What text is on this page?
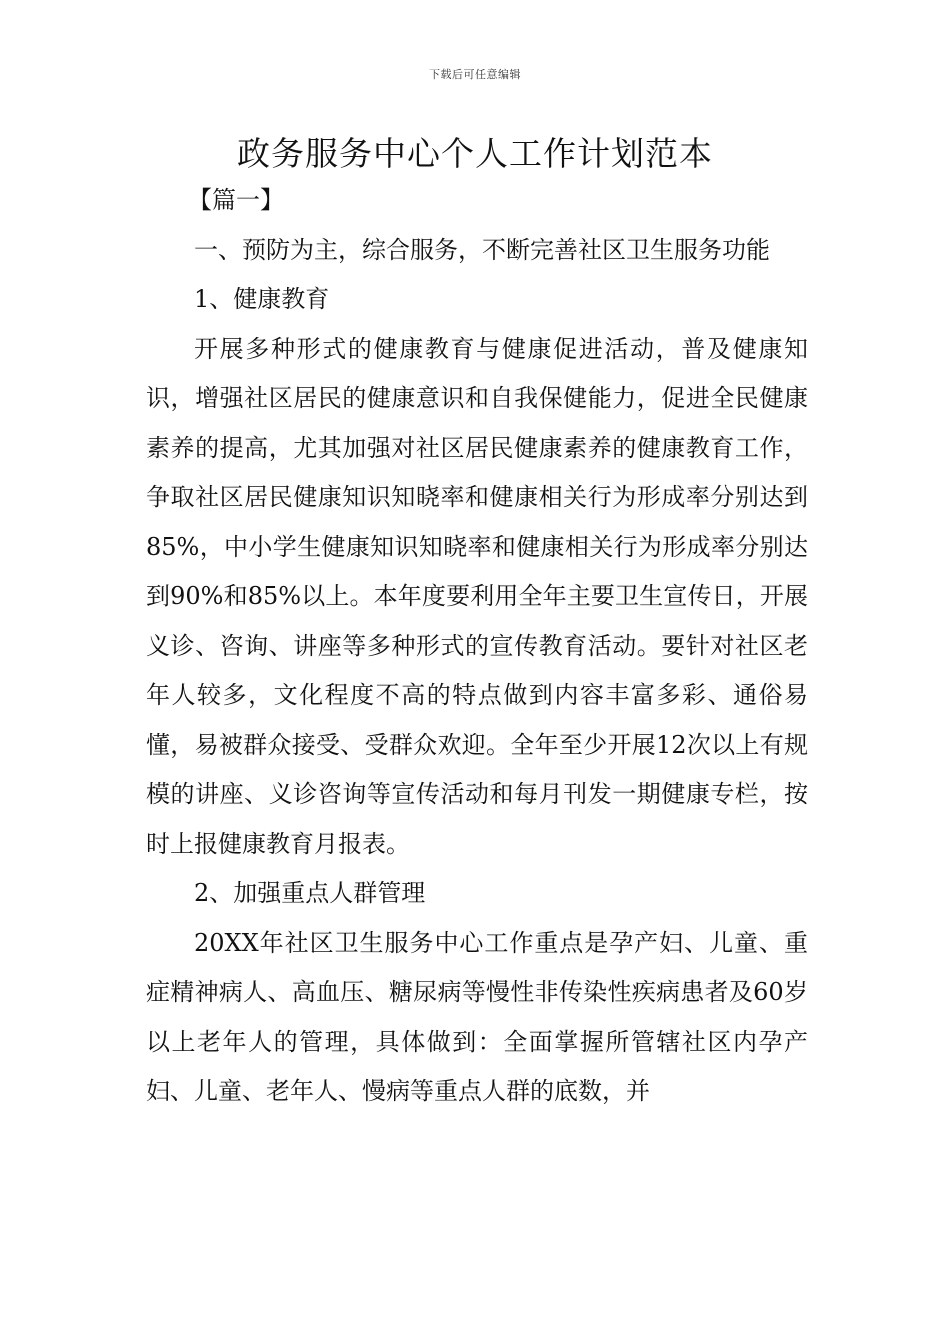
下载后可任意编辑
政务服务中心个人工作计划范本

【篇一】

一、预防为主，综合服务，不断完善社区卫生服务功能

1、健康教育

开展多种形式的健康教育与健康促进活动，普及健康知识，增强社区居民的健康意识和自我保健能力，促进全民健康素养的提高，尤其加强对社区居民健康素养的健康教育工作，争取社区居民健康知识知晓率和健康相关行为形成率分别达到85%，中小学生健康知识知晓率和健康相关行为形成率分别达到90%和85%以上。本年度要利用全年主要卫生宣传日，开展义诊、咨询、讲座等多种形式的宣传教育活动。要针对社区老年人较多，文化程度不高的特点做到内容丰富多彩、通俗易懂，易被群众接受、受群众欢迎。全年至少开展12次以上有规模的讲座、义诊咨询等宣传活动和每月刊发一期健康专栏，按时上报健康教育月报表。

2、加强重点人群管理

20XX年社区卫生服务中心工作重点是孕产妇、儿童、重症精神病人、高血压、糖尿病等慢性非传染性疾病患者及60岁以上老年人的管理，具体做到：全面掌握所管辖社区内孕产妇、儿童、老年人、慢病等重点人群的底数，并
